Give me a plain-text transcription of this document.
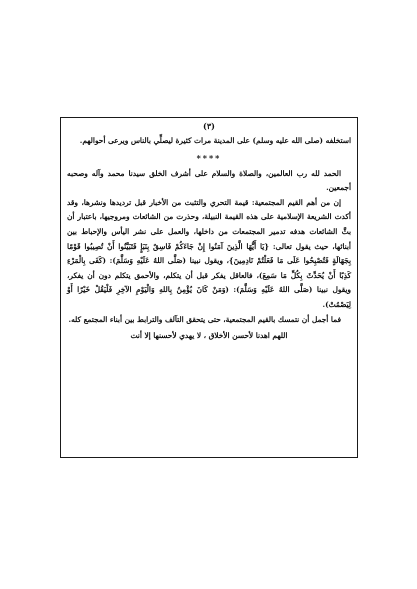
(٣)

استخلفه (صلى الله عليه وسلم) على المدينة مرات كثيرة ليصلِّي بالناس ويرعى أحوالهم.

****

الحمد لله رب العالمين، والصلاة والسلام على أشرف الخلق سيدنا محمد وآله وصحبه أجمعين.

إن من أهم القيم المجتمعية: قيمة التحري والتثبت من الأخبار قبل ترديدها ونشرها، وقد أكدت الشريعة الإسلامية على هذه القيمة النبيلة، وحذرت من الشائعات ومروجيها، باعتبار أن بثَّ الشائعات هدفه تدمير المجتمعات من داخلها، والعمل على نشر اليأس والإحباط بين أبنائها، حيث يقول تعالى: {يَا أَيُّهَا الَّذِينَ آمَنُوا إِنْ جَاءَكُمْ فَاسِقٌ بِنَبَإٍ فَتَبَيَّنُوا أَنْ تُصِيبُوا قَوْمًا بِجَهَالَةٍ فَتُصْبِحُوا عَلَى مَا فَعَلْتُمْ نَادِمِينَ}، ويقول نبينا (صَلَّى اللهُ عَلَيْهِ وَسَلَّمَ): (كَفَى بِالْمَرْءِ كَذِبًا أَنْ يُحَدِّثَ بِكُلِّ مَا سَمِعَ)، فالعاقل يفكر قبل أن يتكلم، والأحمق يتكلم دون أن يفكر، ويقول نبينا (صَلَّى اللهُ عَلَيْهِ وَسَلَّمَ): (وَمَنْ كَانَ يُؤْمِنُ بِاللهِ وَالْيَوْمِ الآخِرِ فَلْيَقُلْ خَيْرًا أَوْ لِيَصْمُتْ).

فما أجمل أن نتمسك بالقيم المجتمعية، حتى يتحقق التآلف والترابط بين أبناء المجتمع كله.

اللهم اهدنا لأحسن الأخلاق ، لا يهدي لأحسنها إلا أنت
